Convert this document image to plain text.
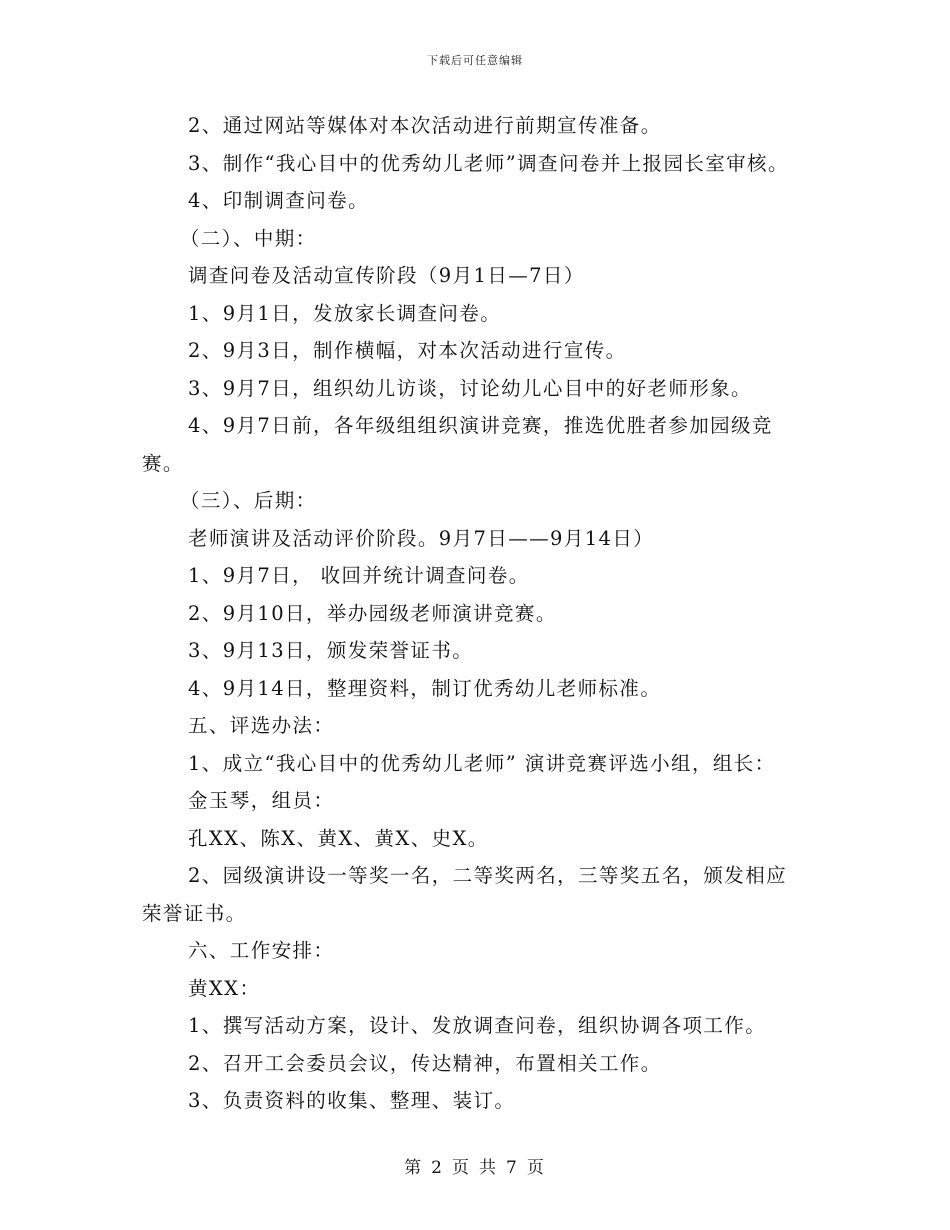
下载后可任意编辑
2、通过网站等媒体对本次活动进行前期宣传准备。
3、制作“我心目中的优秀幼儿老师”调查问卷并上报园长室审核。
4、印制调查问卷。
（二）、中期：
调查问卷及活动宣传阶段（9月1日—7日）
1、9月1日，发放家长调查问卷。
2、9月3日，制作横幅，对本次活动进行宣传。
3、9月7日，组织幼儿访谈，讨论幼儿心目中的好老师形象。
4、9月7日前，各年级组组织演讲竞赛，推选优胜者参加园级竞
赛。
（三）、后期：
老师演讲及活动评价阶段。9月7日——9月14日）
1、9月7日， 收回并统计调查问卷。
2、9月10日，举办园级老师演讲竞赛。
3、9月13日，颁发荣誉证书。
4、9月14日，整理资料，制订优秀幼儿老师标准。
五、评选办法：
1、成立“我心目中的优秀幼儿老师” 演讲竞赛评选小组，组长：
金玉琴，组员：
孔XX、陈X、黄X、黄X、史X。
2、园级演讲设一等奖一名，二等奖两名，三等奖五名，颁发相应
荣誉证书。
六、工作安排：
黄XX：
1、撰写活动方案，设计、发放调查问卷，组织协调各项工作。
2、召开工会委员会议，传达精神，布置相关工作。
3、负责资料的收集、整理、装订。
第 2 页 共 7 页
